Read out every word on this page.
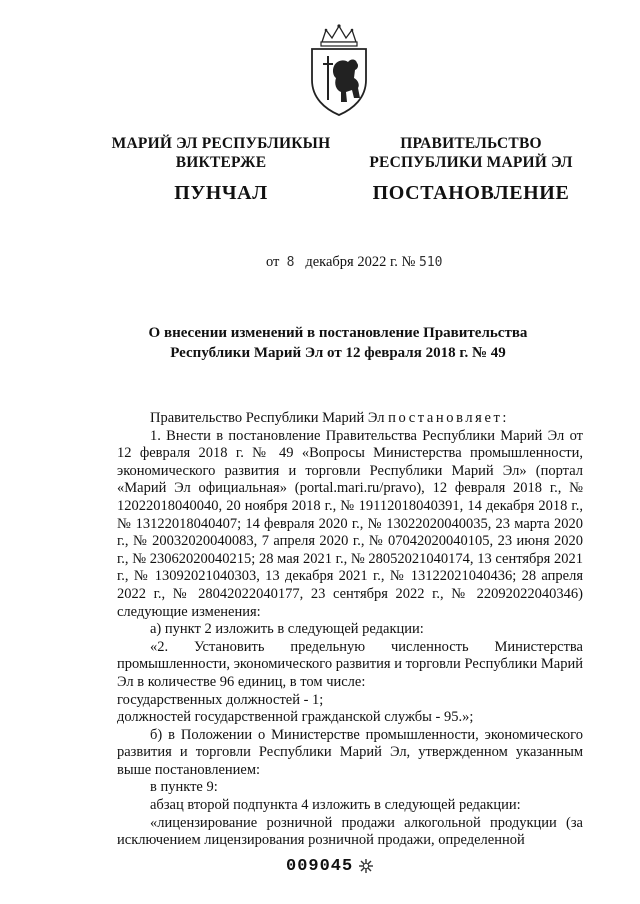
МАРИЙ ЭЛ РЕСПУБЛИКЫН
ВИКТЕРЖЕ
ПУНЧАЛ
ПРАВИТЕЛЬСТВО
РЕСПУБЛИКИ МАРИЙ ЭЛ
ПОСТАНОВЛЕНИЕ
от 8 декабря 2022 г. № 510
О внесении изменений в постановление Правительства
Республики Марий Эл от 12 февраля 2018 г. № 49

Правительство Республики Марий Эл постановляет:

1. Внести в постановление Правительства Республики Марий Эл от 12 февраля 2018 г. № 49 «Вопросы Министерства промышленности, экономического развития и торговли Республики Марий Эл» (портал «Марий Эл официальная» (portal.mari.ru/pravo), 12 февраля 2018 г., № 12022018040040, 20 ноября 2018 г., № 19112018040391, 14 декабря 2018 г., № 13122018040407; 14 февраля 2020 г., № 13022020040035, 23 марта 2020 г., № 20032020040083, 7 апреля 2020 г., № 07042020040105, 23 июня 2020 г., № 23062020040215; 28 мая 2021 г., № 28052021040174, 13 сентября 2021 г., № 13092021040303, 13 декабря 2021 г., № 13122021040436; 28 апреля 2022 г., № 28042022040177, 23 сентября 2022 г., № 22092022040346) следующие изменения:

а) пункт 2 изложить в следующей редакции:

«2. Установить предельную численность Министерства промышленности, экономического развития и торговли Республики Марий Эл в количестве 96 единиц, в том числе:

государственных должностей - 1;

должностей государственной гражданской службы - 95.»;

б) в Положении о Министерстве промышленности, экономического развития и торговли Республики Марий Эл, утвержденном указанным выше постановлением:

в пункте 9:

абзац второй подпункта 4 изложить в следующей редакции:

«лицензирование розничной продажи алкогольной продукции (за исключением лицензирования розничной продажи, определенной

009045
